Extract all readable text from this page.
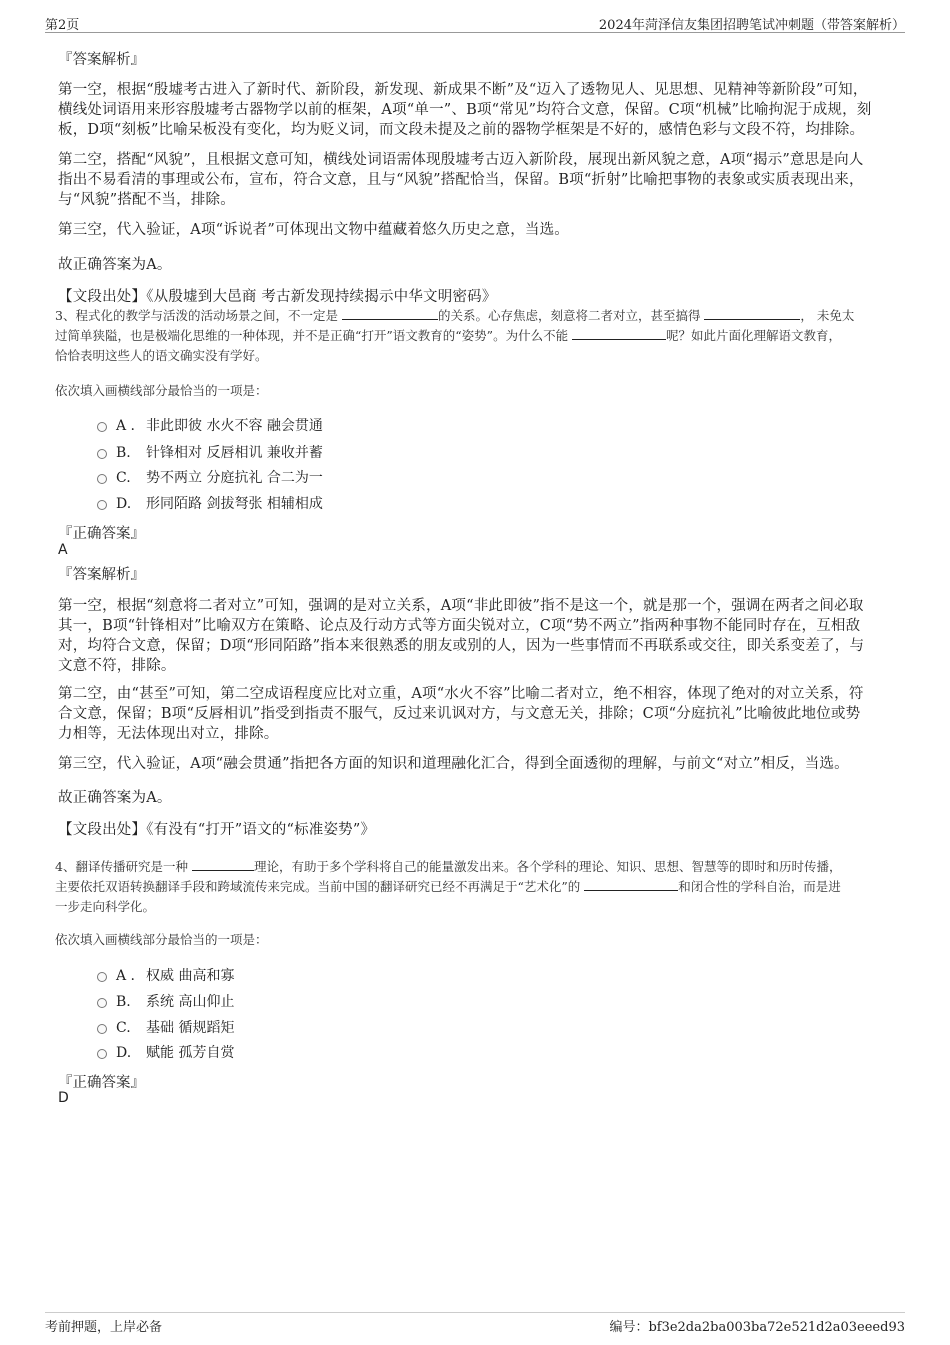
第2页	2024年菏泽信友集团招聘笔试冲刺题（带答案解析）
『答案解析』
第一空，根据“殷墟考古进入了新时代、新阶段，新发现、新成果不断”及“迈入了透物见人、见思想、见精神等新阶段”可知，
横线处词语用来形容殷墟考古器物学以前的框架，A项“单一”、B项“常见”均符合文意，保留。C项“机械”比喻拘泥于成规，刻
板，D项“刻板”比喻呆板没有变化，均为贬义词，而文段未提及之前的器物学框架是不好的，感情色彩与文段不符，均排除。
第二空，搭配“风貌”，且根据文意可知，横线处词语需体现殷墟考古迈入新阶段，展现出新风貌之意，A项“揭示”意思是向人
指出不易看清的事理或公布，宣布，符合文意，且与“风貌”搭配恰当，保留。B项“折射”比喻把事物的表象或实质表现出来，
与“风貌”搭配不当，排除。
第三空，代入验证，A项“诉说者”可体现出文物中蕴藏着悠久历史之意，当选。
故正确答案为A。
【文段出处】《从殷墟到大邑商 考古新发现持续揭示中华文明密码》
3、程式化的教学与活泼的活动场景之间，不一定是	的关系。心存焦虑，刻意将二者对立，甚至搞得	， 未免太
过简单狭隘，也是极端化思维的一种体现，并不是正确“打开”语文教育的“姿势”。为什么不能	呢？如此片面化理解语文教育，
恰恰表明这些人的语文确实没有学好。
依次填入画横线部分最恰当的一项是：
A . 非此即彼 水火不容 融会贯通
B. 针锋相对 反唇相讥 兼收并蓄
C. 势不两立 分庭抗礼 合二为一
D. 形同陌路 剑拔弩张 相辅相成
『正确答案』
A
『答案解析』
第一空，根据“刻意将二者对立”可知，强调的是对立关系，A项“非此即彼”指不是这一个，就是那一个，强调在两者之间必取
其一，B项“针锋相对”比喻双方在策略、论点及行动方式等方面尖锐对立，C项“势不两立”指两种事物不能同时存在，互相敌
对，均符合文意，保留；D项“形同陌路”指本来很熟悉的朋友或别的人，因为一些事情而不再联系或交往，即关系变差了，与
文意不符，排除。
第二空，由“甚至”可知，第二空成语程度应比对立重，A项“水火不容”比喻二者对立，绝不相容，体现了绝对的对立关系，符
合文意，保留；B项“反唇相讥”指受到指责不服气，反过来讥讽对方，与文意无关，排除；C项“分庭抗礼”比喻彼此地位或势
力相等，无法体现出对立，排除。
第三空，代入验证，A项“融会贯通”指把各方面的知识和道理融化汇合，得到全面透彻的理解，与前文“对立”相反，当选。
故正确答案为A。
【文段出处】《有没有“打开”语文的“标准姿势”》
4、翻译传播研究是一种	理论，有助于多个学科将自己的能量激发出来。各个学科的理论、知识、思想、智慧等的即时和历时传播，
主要依托双语转换翻译手段和跨域流传来完成。当前中国的翻译研究已经不再满足于“艺术化”的	和闭合性的学科自治，而是进
一步走向科学化。
依次填入画横线部分最恰当的一项是：
A . 权威 曲高和寡
B. 系统 高山仰止
C. 基础 循规蹈矩
D. 赋能 孤芳自赏
『正确答案』
D
考前押题，上岸必备	编号：bf3e2da2ba003ba72e521d2a03eeed93
